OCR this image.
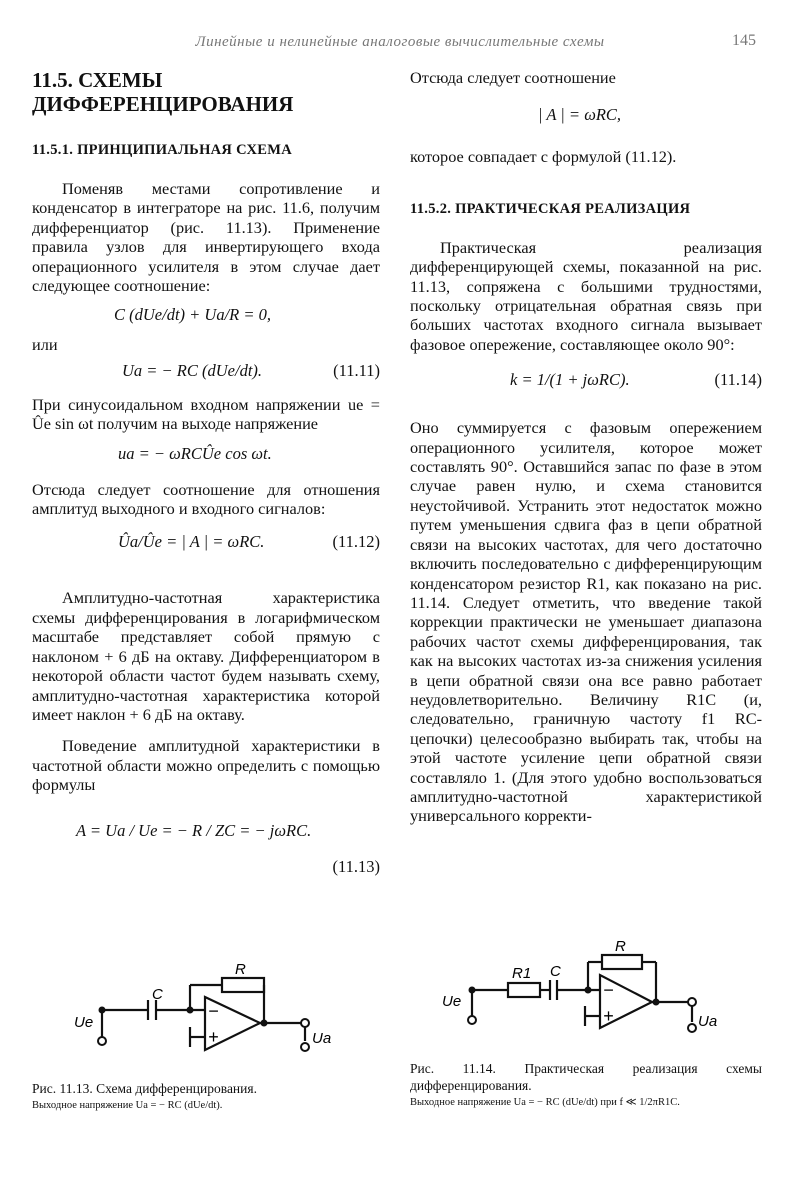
Линейные и нелинейные аналоговые вычислительные схемы	145
11.5. СХЕМЫ ДИФФЕРЕНЦИРОВАНИЯ
11.5.1. ПРИНЦИПИАЛЬНАЯ СХЕМА

Поменяв местами сопротивление и конденсатор в интеграторе на рис. 11.6, получим дифференциатор (рис. 11.13). Применение правила узлов для инвертирующего входа операционного усилителя в этом случае дает следующее соотношение:

C (dUe/dt) + Ua/R = 0,

или

Ua = − RC (dUe/dt).	(11.11)

При синусоидальном входном напряжении ue = Ûe sin ωt получим на выходе напряжение

ua = − ωRCÛe cos ωt.

Отсюда следует соотношение для отношения амплитуд выходного и входного сигналов:

Ûa/Ûe = | A | = ωRC.	(11.12)

Амплитудно-частотная характеристика схемы дифференцирования в логарифмическом масштабе представляет собой прямую с наклоном + 6 дБ на октаву. Дифференциатором в некоторой области частот будем называть схему, амплитудно-частотная характеристика которой имеет наклон + 6 дБ на октаву.

Поведение амплитудной характеристики в частотной области можно определить с помощью формулы

A = Ua / Ue = − R / ZC = − jωRC.
(11.13)
−
+
C
R
Ue
Ua
Рис. 11.13. Схема дифференцирования.
Выходное напряжение Ua = − RC (dUe/dt).

Отсюда следует соотношение

| A | = ωRC,

которое совпадает с формулой (11.12).

11.5.2. ПРАКТИЧЕСКАЯ РЕАЛИЗАЦИЯ

Практическая реализация дифференцирующей схемы, показанной на рис. 11.13, сопряжена с большими трудностями, поскольку отрицательная обратная связь при больших частотах входного сигнала вызывает фазовое опережение, составляющее около 90°:

k = 1/(1 + jωRC).	(11.14)

Оно суммируется с фазовым опережением операционного усилителя, которое может составлять 90°. Оставшийся запас по фазе в этом случае равен нулю, и схема становится неустойчивой. Устранить этот недостаток можно путем уменьшения сдвига фаз в цепи обратной связи на высоких частотах, для чего достаточно включить последовательно с дифференцирующим конденсатором резистор R1, как показано на рис. 11.14. Следует отметить, что введение такой коррекции практически не уменьшает диапазона рабочих частот схемы дифференцирования, так как на высоких частотах из-за снижения усиления в цепи обратной связи она все равно работает неудовлетворительно. Величину R1C (и, следовательно, граничную частоту f1 RC-цепочки) целесообразно выбирать так, чтобы на этой частоте усиление цепи обратной связи составляло 1. (Для этого удобно воспользоваться амплитудно-частотной характеристикой универсального корректи-

−
+
R1 C
R
Ue
Ua
Рис. 11.14. Практическая реализация схемы дифференцирования.
Выходное напряжение Ua = − RC (dUe/dt) при f ≪ 1/2πR1C.
